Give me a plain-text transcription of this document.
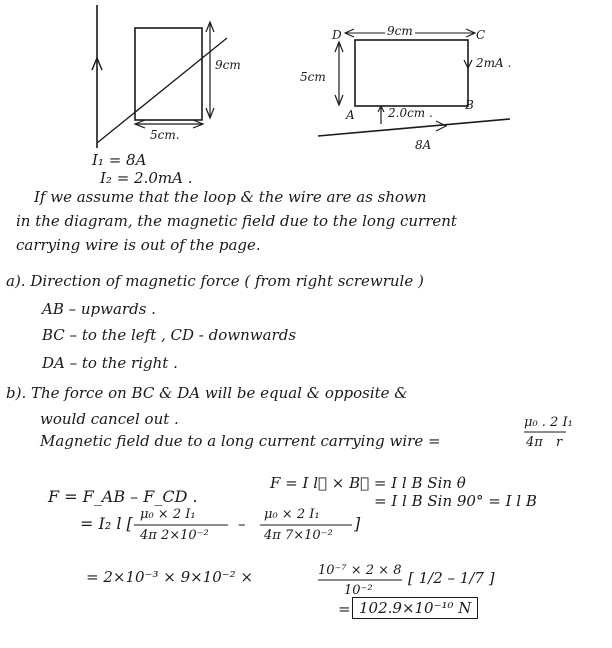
9cm
5cm.
D	9cm	C
2mA .
5cm
A
B
2.0cm .
8A
I₁ = 8A
I₂ = 2.0mA .
If we assume that the loop & the wire are as shown
in the diagram, the magnetic field due to the long current
carrying wire is out of the page.
a). Direction of magnetic force ( from right screwrule )
AB – upwards .
BC – to the left , CD - downwards
DA – to the right .
b). The force on BC & DA will be equal & opposite &
would cancel out .
Magnetic field due to a long current carrying wire =
μ₀ . 2 I₁
4π r
F = F_AB – F_CD .
F = I l⃗ × B⃗ = I l B Sin θ
= I l B Sin 90° = I l B
= I₂ l [ μ₀ × 2 I₁
4π 2×10⁻²
–
μ₀ × 2 I₁
4π 7×10⁻²
]
= 2×10⁻³ × 9×10⁻² ×	10⁻⁷ × 2 × 8
10⁻²
[ 1/2 – 1/7 ]
= 102.9×10⁻¹⁰ N
